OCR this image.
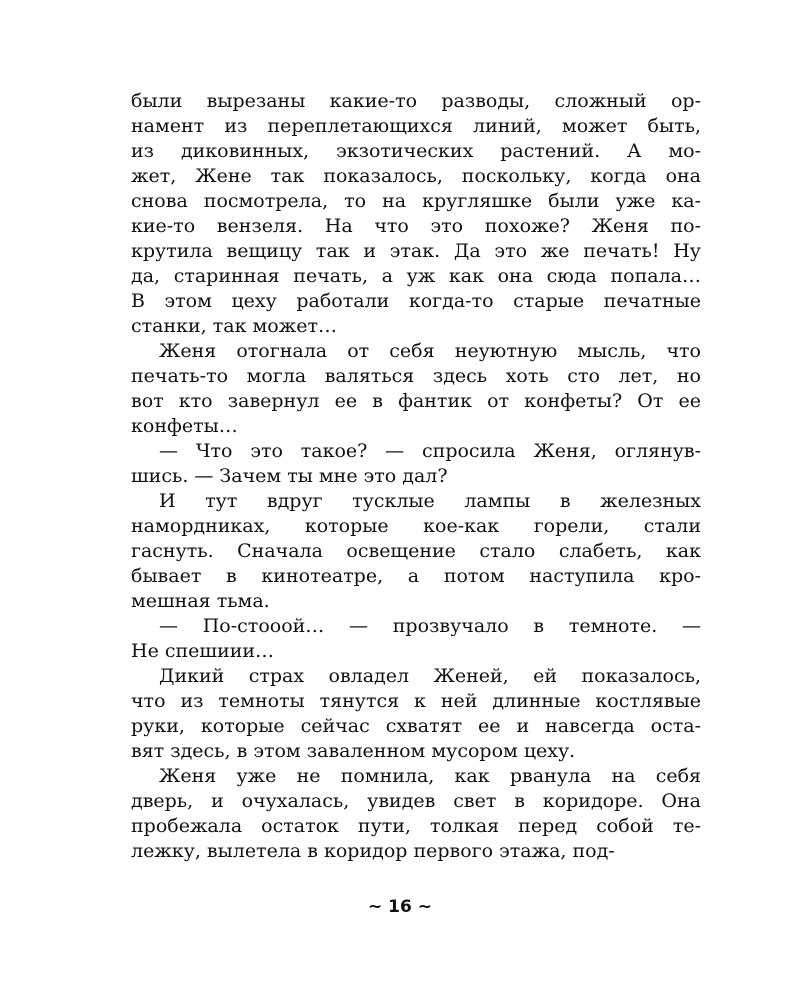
были вырезаны какие-то разводы, сложный ор-
намент из переплетающихся линий, может быть,
из диковинных, экзотических растений. А мо-
жет, Жене так показалось, поскольку, когда она
снова посмотрела, то на кругляшке были уже ка-
кие-то вензеля. На что это похоже? Женя по-
крутила вещицу так и этак. Да это же печать! Ну
да, старинная печать, а уж как она сюда попала…
В этом цеху работали когда-то старые печатные
станки, так может…
Женя отогнала от себя неуютную мысль, что
печать-то могла валяться здесь хоть сто лет, но
вот кто завернул ее в фантик от конфеты? От ее
конфеты…
— Что это такое? — спросила Женя, оглянув-
шись. — Зачем ты мне это дал?
И тут вдруг тусклые лампы в железных
намордниках, которые кое-как горели, стали
гаснуть. Сначала освещение стало слабеть, как
бывает в кинотеатре, а потом наступила кро-
мешная тьма.
— По-стооой… — прозвучало в темноте. —
Не спешиии…
Дикий страх овладел Женей, ей показалось,
что из темноты тянутся к ней длинные костлявые
руки, которые сейчас схватят ее и навсегда оста-
вят здесь, в этом заваленном мусором цеху.
Женя уже не помнила, как рванула на себя
дверь, и очухалась, увидев свет в коридоре. Она
пробежала остаток пути, толкая перед собой те-
лежку, вылетела в коридор первого этажа, под-
~ 16 ~
